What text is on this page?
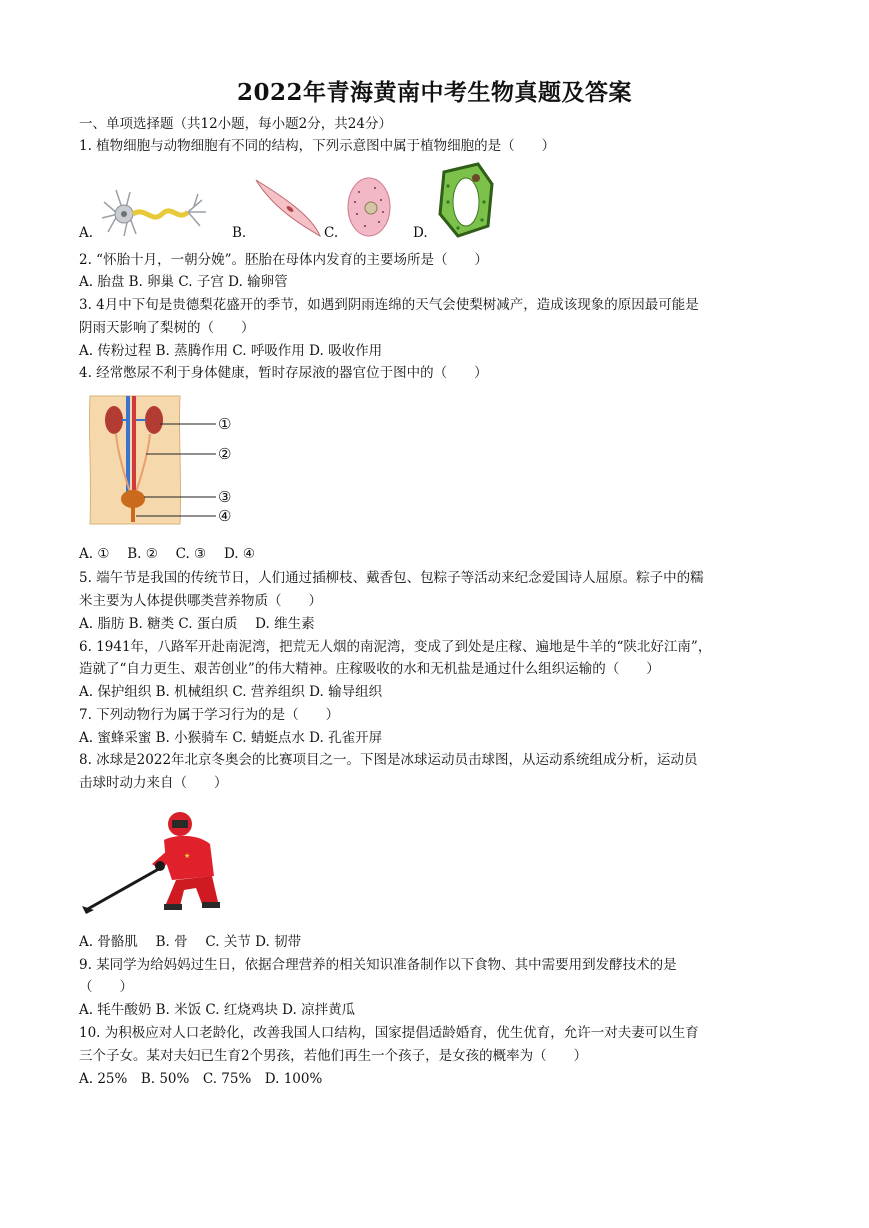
2022年青海黄南中考生物真题及答案
一、单项选择题（共12小题，每小题2分，共24分）
1. 植物细胞与动物细胞有不同的结构，下列示意图中属于植物细胞的是（　　）
A.	B.	C.	D.
2. “怀胎十月，一朝分娩”。胚胎在母体内发育的主要场所是（　　）
A. 胎盘 B. 卵巢 C. 子宫 D. 输卵管
3. 4月中下旬是贵德梨花盛开的季节，如遇到阴雨连绵的天气会使梨树减产，造成该现象的原因最可能是
阴雨天影响了梨树的（　　）
A. 传粉过程 B. 蒸腾作用 C. 呼吸作用 D. 吸收作用
4. 经常憋尿不利于身体健康，暂时存尿液的器官位于图中的（　　）
①
②
③
④
A. ①　 B. ②　 C. ③　 D. ④
5. 端午节是我国的传统节日，人们通过插柳枝、戴香包、包粽子等活动来纪念爱国诗人屈原。粽子中的糯
米主要为人体提供哪类营养物质（　　）
A. 脂肪 B. 糖类 C. 蛋白质　 D. 维生素
6. 1941年，八路军开赴南泥湾，把荒无人烟的南泥湾，变成了到处是庄稼、遍地是牛羊的“陕北好江南”，
造就了“自力更生、艰苦创业”的伟大精神。庄稼吸收的水和无机盐是通过什么组织运输的（　　）
A. 保护组织 B. 机械组织 C. 营养组织 D. 输导组织
7. 下列动物行为属于学习行为的是（　　）
A. 蜜蜂采蜜 B. 小猴骑车 C. 蜻蜓点水 D. 孔雀开屏
8. 冰球是2022年北京冬奥会的比赛项目之一。下图是冰球运动员击球图，从运动系统组成分析，运动员
击球时动力来自（　　）
★
A. 骨骼肌　 B. 骨　 C. 关节 D. 韧带
9. 某同学为给妈妈过生日，依据合理营养的相关知识准备制作以下食物、其中需要用到发酵技术的是
（　　）
A. 牦牛酸奶 B. 米饭 C. 红烧鸡块 D. 凉拌黄瓜
10. 为积极应对人口老龄化，改善我国人口结构，国家提倡适龄婚育，优生优育，允许一对夫妻可以生育
三个子女。某对夫妇已生育2个男孩，若他们再生一个孩子，是女孩的概率为（　　）
A. 25%　B. 50%　C. 75%　D. 100%
